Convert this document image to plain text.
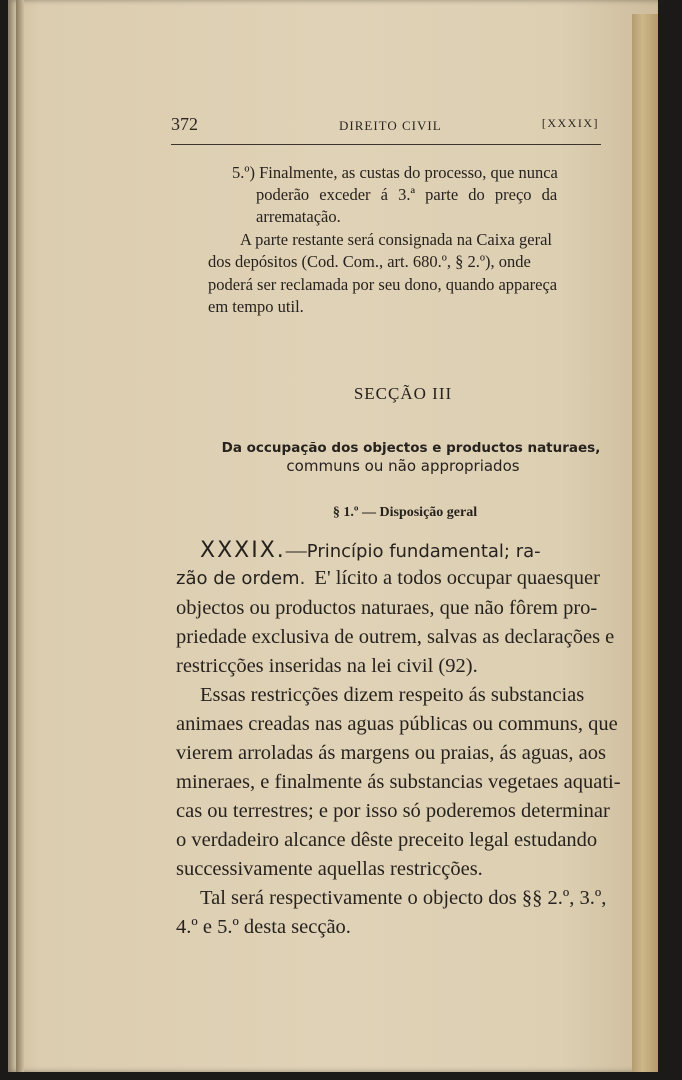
372	DIREITO CIVIL	[XXXIX]
5.º) Finalmente, as custas do processo, que nunca
poderão exceder á 3.ª parte do preço da
arrematação.
A parte restante será consignada na Caixa geral
dos depósitos (Cod. Com., art. 680.º, § 2.º), onde
poderá ser reclamada por seu dono, quando appareça
em tempo util.
SECÇÃO III
Da occupação dos objectos e productos naturaes,
communs ou não appropriados
§ 1.º — Disposição geral
XXXIX.—Princípio fundamental; ra-
zão de ordem. E' lícito a todos occupar quaesquer
objectos ou productos naturaes, que não fôrem pro-
priedade exclusiva de outrem, salvas as declarações e
restricções inseridas na lei civil (92).
Essas restricções dizem respeito ás substancias
animaes creadas nas aguas públicas ou communs, que
vierem arroladas ás margens ou praias, ás aguas, aos
mineraes, e finalmente ás substancias vegetaes aquati-
cas ou terrestres; e por isso só poderemos determinar
o verdadeiro alcance dêste preceito legal estudando
successivamente aquellas restricções.
Tal será respectivamente o objecto dos §§ 2.º, 3.º,
4.º e 5.º desta secção.
